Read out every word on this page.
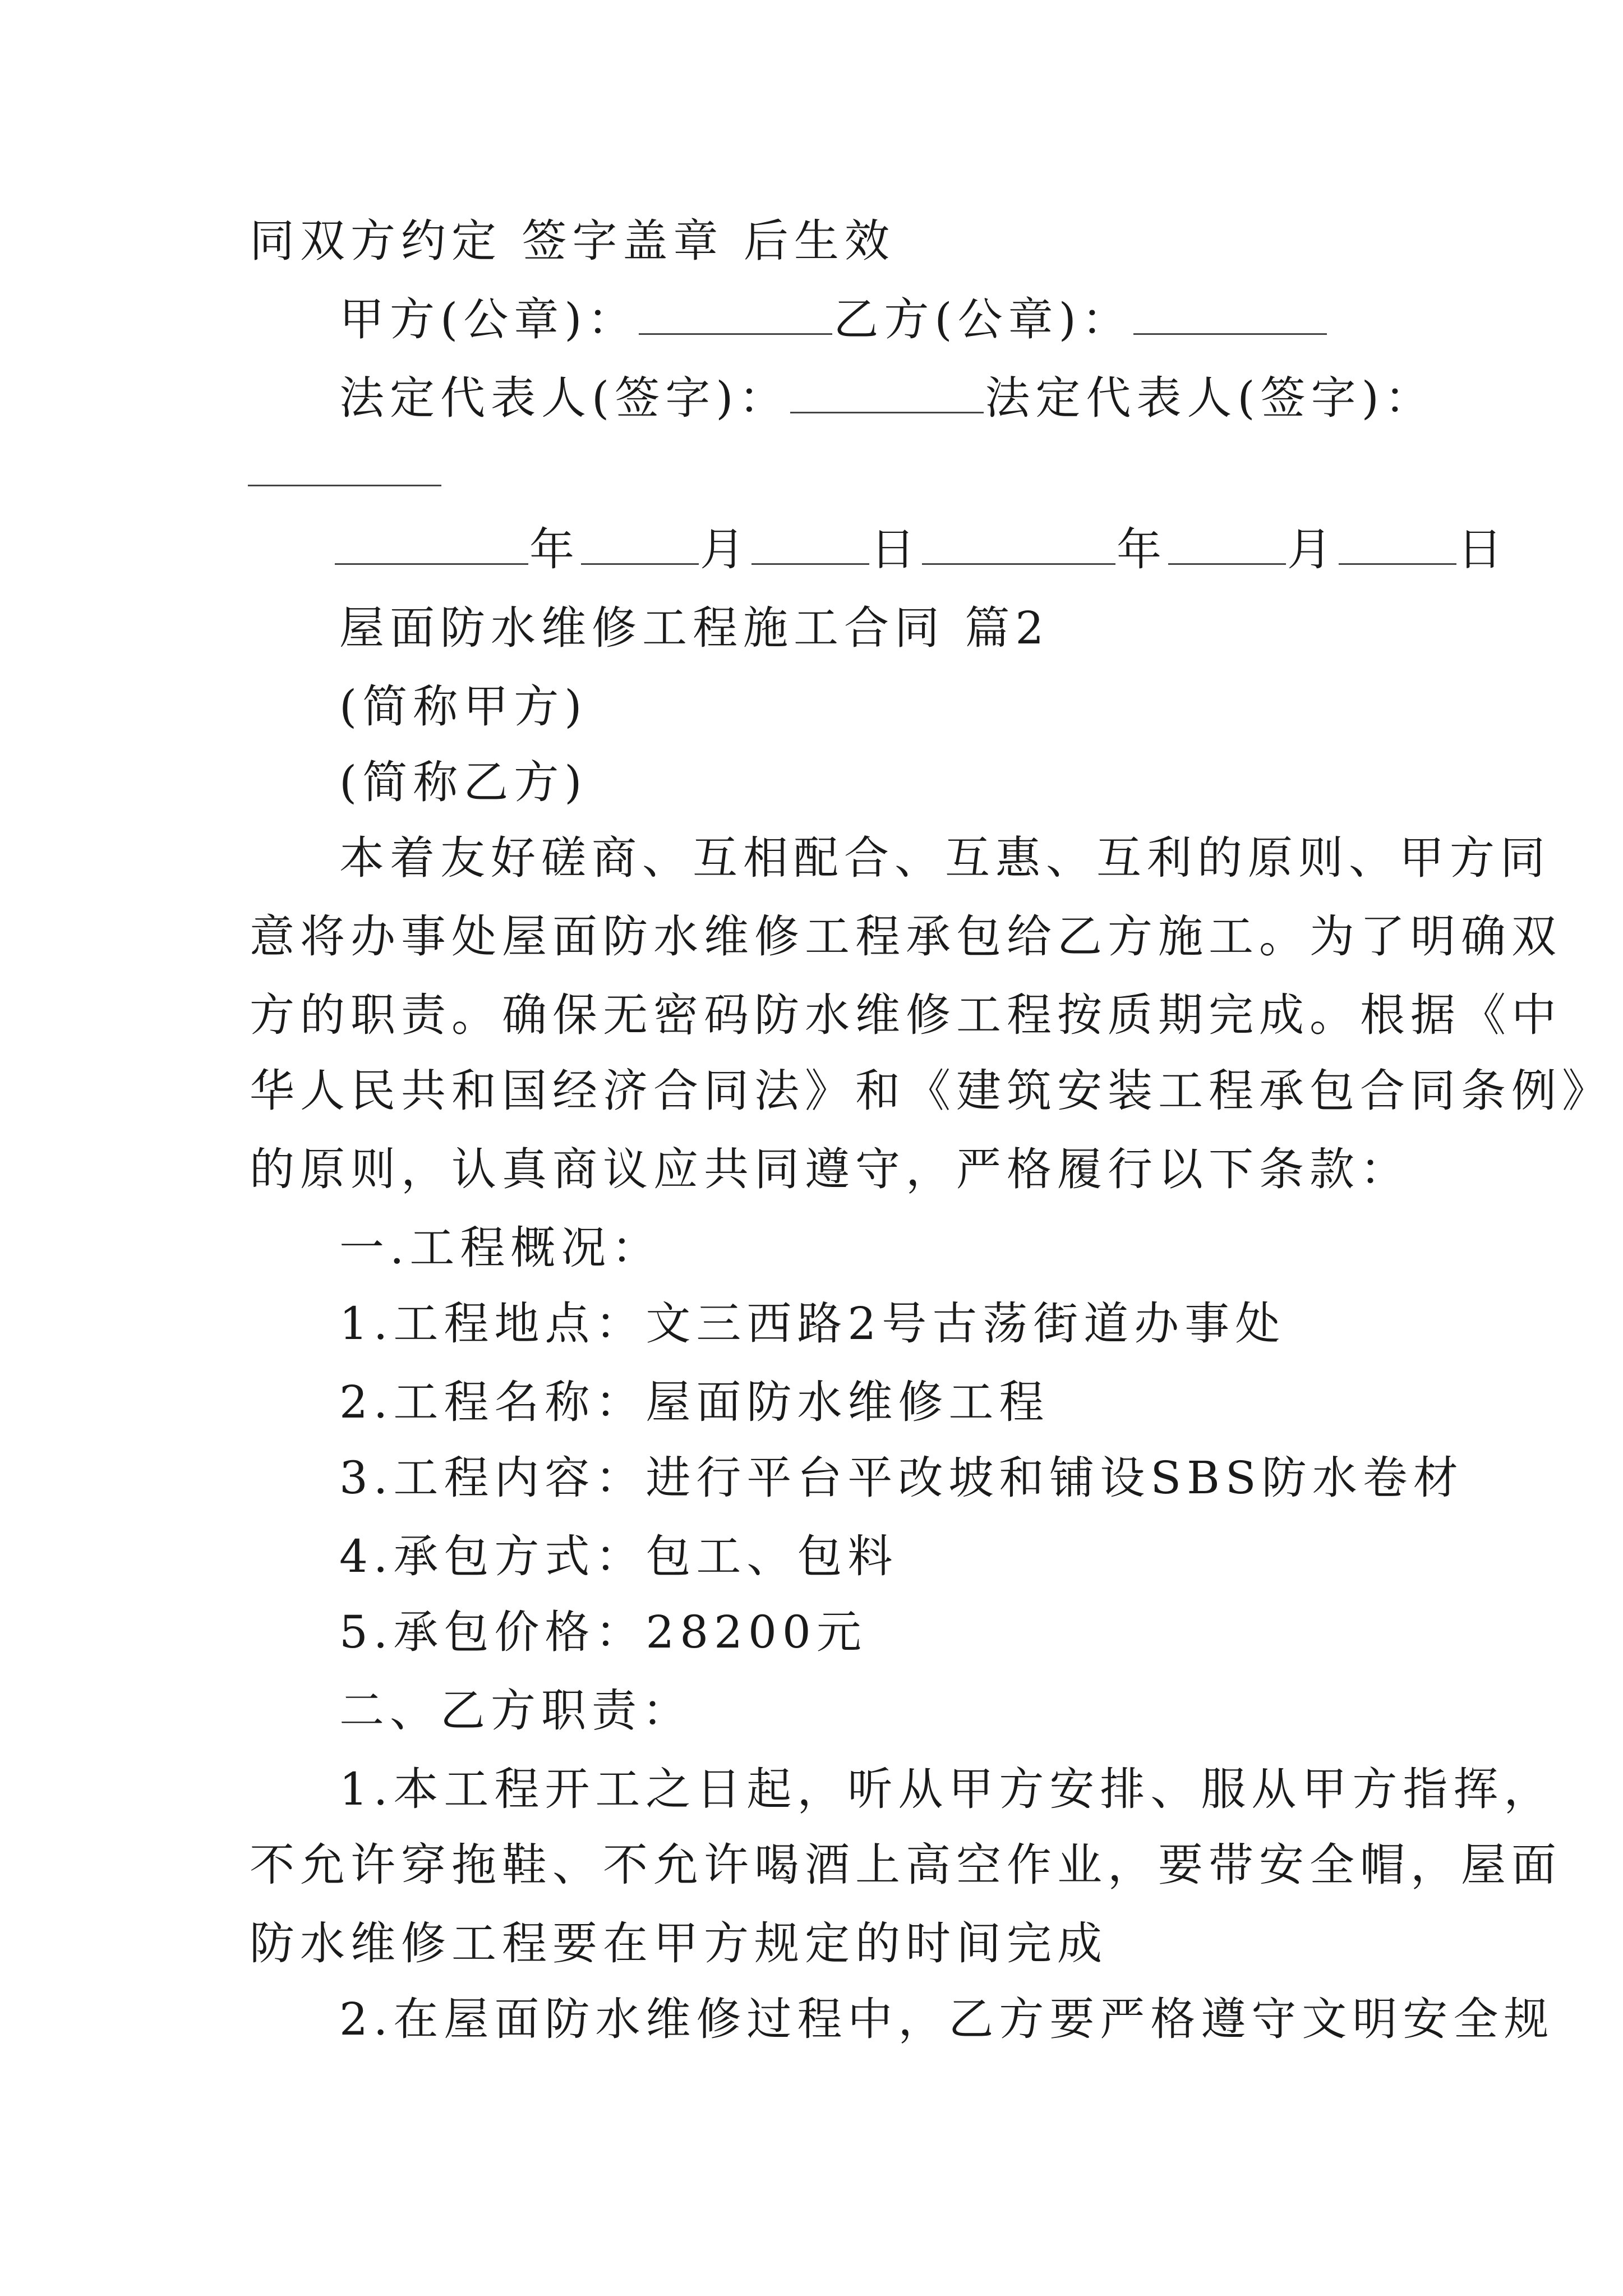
同双方约定 签字盖章 后生效
甲方(公章)：	乙方(公章)：
法定代表人(签字)：	法定代表人(签字)：
年	月	日	年	月	日
屋面防水维修工程施工合同 篇2
(简称甲方)
(简称乙方)
本着友好磋商、互相配合、互惠、互利的原则、甲方同
意将办事处屋面防水维修工程承包给乙方施工。为了明确双
方的职责。确保无密码防水维修工程按质期完成。根据《中
华人民共和国经济合同法》和《建筑安装工程承包合同条例》
的原则，认真商议应共同遵守，严格履行以下条款：
一.工程概况：
1.工程地点：文三西路2号古荡街道办事处
2.工程名称：屋面防水维修工程
3.工程内容：进行平台平改坡和铺设SBS防水卷材
4.承包方式：包工、包料
5.承包价格：28200元
二、乙方职责：
1.本工程开工之日起，听从甲方安排、服从甲方指挥，
不允许穿拖鞋、不允许喝酒上高空作业，要带安全帽，屋面
防水维修工程要在甲方规定的时间完成
2.在屋面防水维修过程中，乙方要严格遵守文明安全规
